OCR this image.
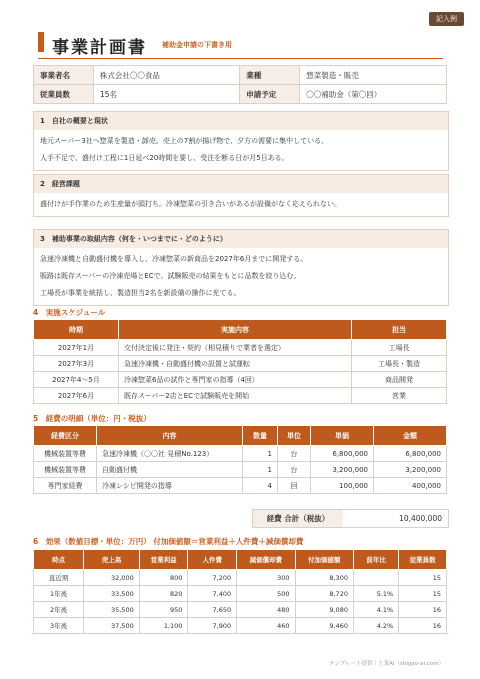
記入例
事業計画書 補助金申請の下書き用
事業者名	株式会社〇〇食品	業種	惣菜製造・販売
従業員数	15名	申請予定	〇〇補助金（第〇回）
1　自社の概要と現状
地元スーパー3社へ惣菜を製造・卸売。売上の7割が揚げ物で、夕方の需要に集中している。
人手不足で、盛付け工程に1日延べ20時間を要し、受注を断る日が月5日ある。
2　経営課題
盛付けが手作業のため生産量が頭打ち。冷凍惣菜の引き合いがあるが設備がなく応えられない。
3　補助事業の取組内容（何を・いつまでに・どのように）
急速冷凍機と自動盛付機を導入し、冷凍惣菜の新商品を2027年6月までに開発する。
販路は既存スーパーの冷凍売場とECで、試験販売の結果をもとに品数を絞り込む。
工場長が事業を統括し、製造担当2名を新設備の操作に充てる。
4　実施スケジュール
時期	実施内容	担当
2027年1月	交付決定後に発注・契約（相見積りで業者を選定）	工場長
2027年3月	急速冷凍機・自動盛付機の設置と試運転	工場長・製造
2027年4〜5月	冷凍惣菜6品の試作と専門家の指導（4回）	商品開発
2027年6月	既存スーパー2店とECで試験販売を開始	営業
5　経費の明細（単位：円・税抜）
経費区分	内容	数量	単位	単価	金額
機械装置等費	急速冷凍機（〇〇社 見積No.123）	1	台	6,800,000	6,800,000
機械装置等費	自動盛付機	1	台	3,200,000	3,200,000
専門家経費	冷凍レシピ開発の指導	4	回	100,000	400,000
経費 合計（税抜）	10,400,000
6　効果（数値目標・単位：万円） 付加価値額＝営業利益＋人件費＋減価償却費
時点	売上高	営業利益	人件費	減価償却費	付加価値額	前年比	従業員数
直近期	32,000	800	7,200	300	8,300		15
1年後	33,500	820	7,400	500	8,720	5.1%	15
2年後	35,500	950	7,650	480	9,080	4.1%	16
3年後	37,500	1,100	7,900	460	9,460	4.2%	16
テンプレート提供｜士業AI（shigyo-ai.com）
